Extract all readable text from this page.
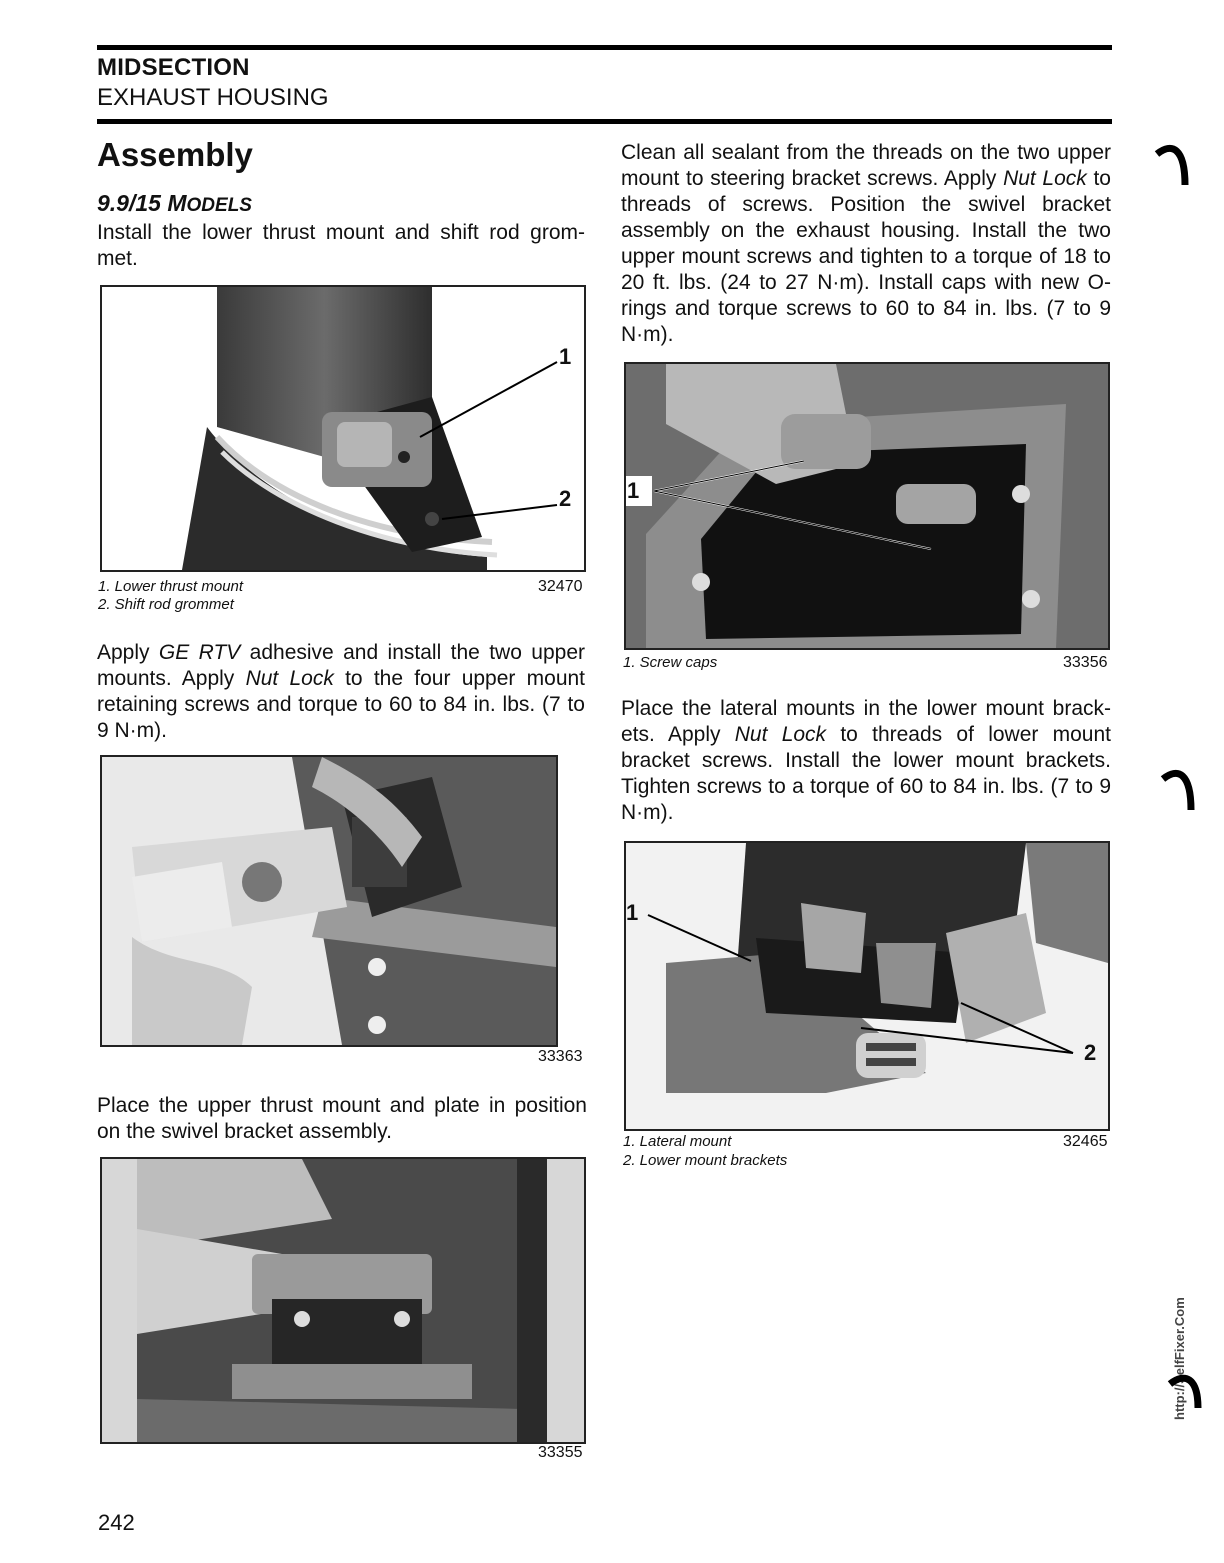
MIDSECTION
EXHAUST HOUSING
Assembly
9.9/15 MODELS
Install the lower thrust mount and shift rod grom-met.
1
2
1. Lower thrust mount
2. Shift rod grommet
32470
Apply GE RTV adhesive and install the two upper mounts. Apply Nut Lock to the four upper mount retaining screws and torque to 60 to 84 in. lbs. (7 to 9 N·m).
33363
Place the upper thrust mount and plate in position on the swivel bracket assembly.
33355
Clean all sealant from the threads on the two upper mount to steering bracket screws. Apply Nut Lock to threads of screws. Position the swivel bracket assembly on the exhaust housing. Install the two upper mount screws and tighten to a torque of 18 to 20 ft. lbs. (24 to 27 N·m). Install caps with new O-rings and torque screws to 60 to 84 in. lbs. (7 to 9 N·m).
1
1. Screw caps	33356
Place the lateral mounts in the lower mount brack-ets. Apply Nut Lock to threads of lower mount bracket screws. Install the lower mount brackets. Tighten screws to a torque of 60 to 84 in. lbs. (7 to 9 N·m).
1
2
1. Lateral mount
2. Lower mount brackets
32465
242
http://SelfFixer.Com
